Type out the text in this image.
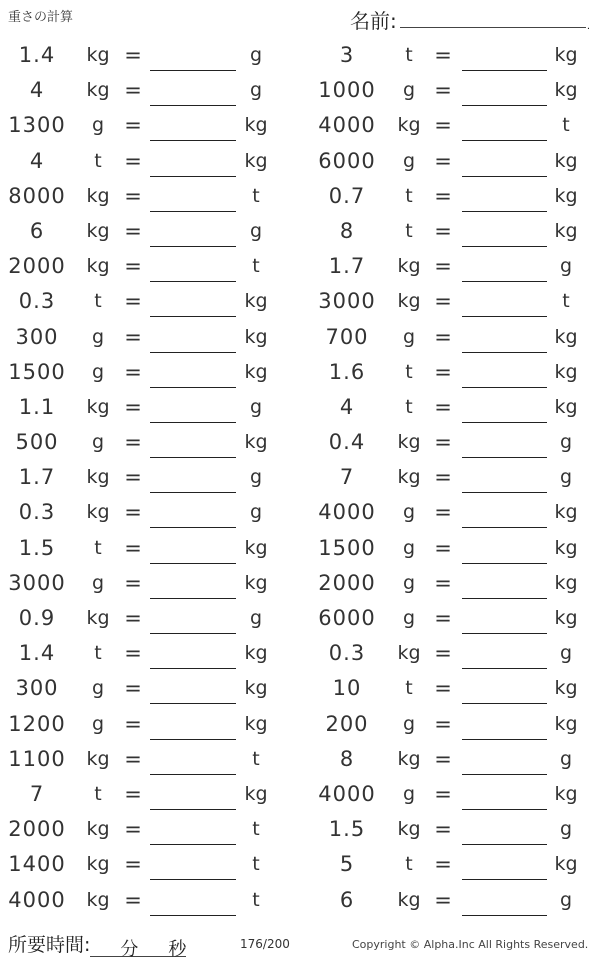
重さの計算	名前:	.
1.4	kg =	g	3	t	=	kg
4	kg =	g	1000	g =	kg
1300	g =	kg	4000	kg =	t
4	t	=	kg	6000	g =	kg
8000	kg =	t	0.7	t	=	kg
6	kg =	g	8	t	=	kg
2000	kg =	t	1.7	kg =	g
0.3	t	=	kg	3000	kg =	t
300	g =	kg	700	g =	kg
1500	g =	kg	1.6	t	=	kg
1.1	kg =	g	4	t	=	kg
500	g =	kg	0.4	kg =	g
1.7	kg =	g	7	kg =	g
0.3	kg =	g	4000	g =	kg
1.5	t	=	kg	1500	g =	kg
3000	g =	kg	2000	g =	kg
0.9	kg =	g	6000	g =	kg
1.4	t	=	kg	0.3	kg =	g
300	g =	kg	10	t	=	kg
1200	g =	kg	200	g =	kg
1100	kg =	t	8	kg =	g
7	t	=	kg	4000	g =	kg
2000	kg =	t	1.5	kg =	g
1400	kg =	t	5	t	=	kg
4000	kg =	t	6	kg =	g
所要時間: 分 秒	176/200	Copyright © Alpha.Inc All Rights Reserved.
